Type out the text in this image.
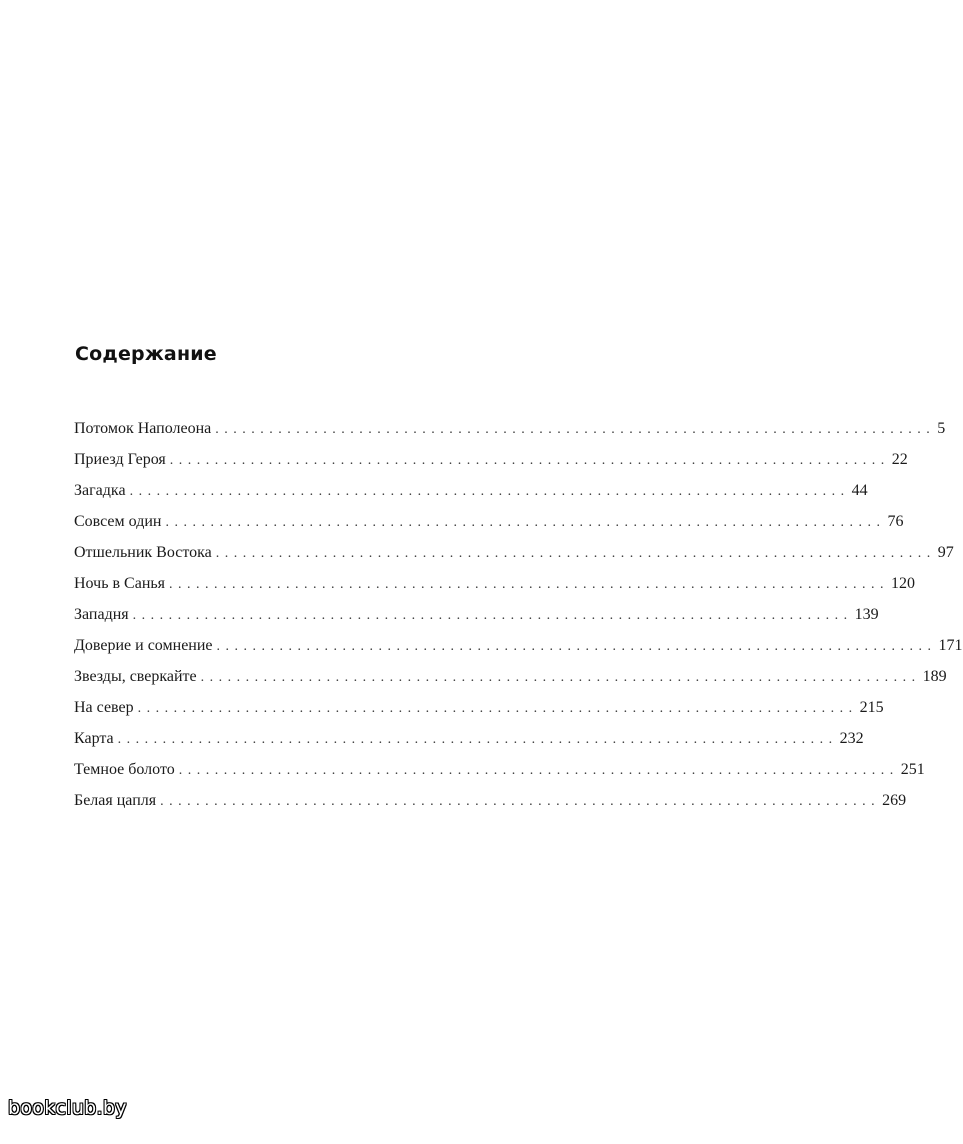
Содержание
Потомок Наполеона ................................................................................ 5
Приезд Героя ................................................................................ 22
Загадка ................................................................................ 44
Совсем один ................................................................................ 76
Отшельник Востока ................................................................................ 97
Ночь в Санья ................................................................................ 120
Западня ................................................................................ 139
Доверие и сомнение ................................................................................ 171
Звезды, сверкайте ................................................................................ 189
На север ................................................................................ 215
Карта ................................................................................ 232
Темное болото ................................................................................ 251
Белая цапля ................................................................................ 269
bookclub.by
